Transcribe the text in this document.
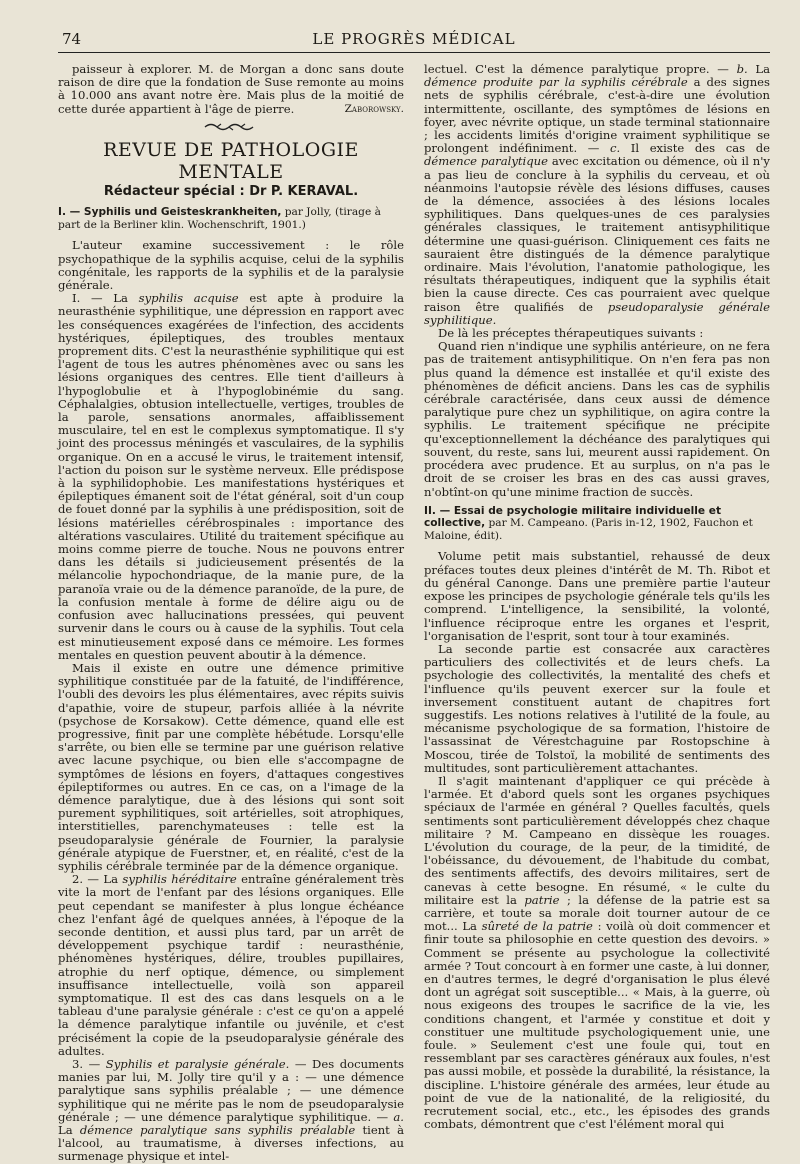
74	LE PROGRÈS MÉDICAL

paisseur à explorer. M. de Morgan a donc sans doute raison de dire que la fondation de Suse remonte au moins à 10.000 ans avant notre ère. Mais plus de la moitié de cette durée appartient à l'âge de pierre.	Zaborowsky.

REVUE DE PATHOLOGIE MENTALE
Rédacteur spécial : Dr P. KERAVAL.
I. — Syphilis und Geisteskrankheiten, par Jolly, (tirage à part de la Berliner klin. Wochenschrift, 1901.)

L'auteur examine successivement : le rôle psychopathique de la syphilis acquise, celui de la syphilis congénitale, les rapports de la syphilis et de la paralysie générale.

I. — La syphilis acquise est apte à produire la neurasthénie syphilitique, une dépression en rapport avec les conséquences exagérées de l'infection, des accidents hystériques, épileptiques, des troubles mentaux proprement dits. C'est la neurasthénie syphilitique qui est l'agent de tous les autres phénomènes avec ou sans les lésions organiques des centres. Elle tient d'ailleurs à l'hypoglobulie et à l'hypoglobinémie du sang. Céphalalgies, obtusion intellectuelle, vertiges, troubles de la parole, sensations anormales, affaiblissement musculaire, tel en est le complexus symptomatique. Il s'y joint des processus méningés et vasculaires, de la syphilis organique. On en a accusé le virus, le traitement intensif, l'action du poison sur le système nerveux. Elle prédispose à la syphilidophobie. Les manifestations hystériques et épileptiques émanent soit de l'état général, soit d'un coup de fouet donné par la syphilis à une prédisposition, soit de lésions matérielles cérébrospinales : importance des altérations vasculaires. Utilité du traitement spécifique au moins comme pierre de touche. Nous ne pouvons entrer dans les détails si judicieusement présentés de la mélancolie hypochondriaque, de la manie pure, de la paranoïa vraie ou de la démence paranoïde, de la pure, de la confusion mentale à forme de délire aigu ou de confusion avec hallucinations pressées, qui peuvent survenir dans le cours ou à cause de la syphilis. Tout cela est minutieusement exposé dans ce mémoire. Les formes mentales en question peuvent aboutir à la démence.

Mais il existe en outre une démence primitive syphilitique constituée par de la fatuité, de l'indifférence, l'oubli des devoirs les plus élémentaires, avec répits suivis d'apathie, voire de stupeur, parfois alliée à la névrite (psychose de Korsakow). Cette démence, quand elle est progressive, finit par une complète hébétude. Lorsqu'elle s'arrête, ou bien elle se termine par une guérison relative avec lacune psychique, ou bien elle s'accompagne de symptômes de lésions en foyers, d'attaques congestives épileptiformes ou autres. En ce cas, on a l'image de la démence paralytique, due à des lésions qui sont soit purement syphilitiques, soit artérielles, soit atrophiques, interstitielles, parenchymateuses : telle est la pseudoparalysie générale de Fournier, la paralysie générale atypique de Fuerstner, et, en réalité, c'est de la syphilis cérébrale terminée par de la démence organique.

2. — La syphilis héréditaire entraîne généralement très vite la mort de l'enfant par des lésions organiques. Elle peut cependant se manifester à plus longue échéance chez l'enfant âgé de quelques années, à l'époque de la seconde dentition, et aussi plus tard, par un arrêt de développement psychique tardif : neurasthénie, phénomènes hystériques, délire, troubles pupillaires, atrophie du nerf optique, démence, ou simplement insuffisance intellectuelle, voilà son appareil symptomatique. Il est des cas dans lesquels on a le tableau d'une paralysie générale : c'est ce qu'on a appelé la démence paralytique infantile ou juvénile, et c'est précisément la copie de la pseudoparalysie générale des adultes.

3. — Syphilis et paralysie générale. — Des documents manies par lui, M. Jolly tire qu'il y a : — une démence paralytique sans syphilis préalable ; — une démence syphilitique qui ne mérite pas le nom de pseudoparalysie générale ; — une démence paralytique syphilitique. — a. La démence paralytique sans syphilis préalable tient à l'alcool, au traumatisme, à diverses infections, au surmenage physique et intel-

lectuel. C'est la démence paralytique propre. — b. La démence produite par la syphilis cérébrale a des signes nets de syphilis cérébrale, c'est-à-dire une évolution intermittente, oscillante, des symptômes de lésions en foyer, avec névrite optique, un stade terminal stationnaire ; les accidents limités d'origine vraiment syphilitique se prolongent indéfiniment. — c. Il existe des cas de démence paralytique avec excitation ou démence, où il n'y a pas lieu de conclure à la syphilis du cerveau, et où néanmoins l'autopsie révèle des lésions diffuses, causes de la démence, associées à des lésions locales syphilitiques. Dans quelques-unes de ces paralysies générales classiques, le traitement antisyphilitique détermine une quasi-guérison. Cliniquement ces faits ne sauraient être distingués de la démence paralytique ordinaire. Mais l'évolution, l'anatomie pathologique, les résultats thérapeutiques, indiquent que la syphilis était bien la cause directe. Ces cas pourraient avec quelque raison être qualifiés de pseudoparalysie générale syphilitique.

De là les préceptes thérapeutiques suivants :

Quand rien n'indique une syphilis antérieure, on ne fera pas de traitement antisyphilitique. On n'en fera pas non plus quand la démence est installée et qu'il existe des phénomènes de déficit anciens. Dans les cas de syphilis cérébrale caractérisée, dans ceux aussi de démence paralytique pure chez un syphilitique, on agira contre la syphilis. Le traitement spécifique ne précipite qu'exceptionnellement la déchéance des paralytiques qui souvent, du reste, sans lui, meurent aussi rapidement. On procédera avec prudence. Et au surplus, on n'a pas le droit de se croiser les bras en des cas aussi graves, n'obtînt-on qu'une minime fraction de succès.

II. — Essai de psychologie militaire individuelle et collective, par M. Campeano. (Paris in-12, 1902, Fauchon et Maloine, édit).

Volume petit mais substantiel, rehaussé de deux préfaces toutes deux pleines d'intérêt de M. Th. Ribot et du général Canonge. Dans une première partie l'auteur expose les principes de psychologie générale tels qu'ils les comprend. L'intelligence, la sensibilité, la volonté, l'influence réciproque entre les organes et l'esprit, l'organisation de l'esprit, sont tour à tour examinés.

La seconde partie est consacrée aux caractères particuliers des collectivités et de leurs chefs. La psychologie des collectivités, la mentalité des chefs et l'influence qu'ils peuvent exercer sur la foule et inversement constituent autant de chapitres fort suggestifs. Les notions relatives à l'utilité de la foule, au mécanisme psychologique de sa formation, l'histoire de l'assassinat de Vérestchaguine par Rostopschine à Moscou, tirée de Tolstoï, la mobilité de sentiments des multitudes, sont particulièrement attachantes.

Il s'agit maintenant d'appliquer ce qui précède à l'armée. Et d'abord quels sont les organes psychiques spéciaux de l'armée en général ? Quelles facultés, quels sentiments sont particulièrement développés chez chaque militaire ? M. Campeano en dissèque les rouages. L'évolution du courage, de la peur, de la timidité, de l'obéissance, du dévouement, de l'habitude du combat, des sentiments affectifs, des devoirs militaires, sert de canevas à cette besogne. En résumé, « le culte du militaire est la patrie ; la défense de la patrie est sa carrière, et toute sa morale doit tourner autour de ce mot... La sûreté de la patrie : voilà où doit commencer et finir toute sa philosophie en cette question des devoirs. » Comment se présente au psychologue la collectivité armée ? Tout concourt à en former une caste, à lui donner, en d'autres termes, le degré d'organisation le plus élevé dont un agrégat soit susceptible... « Mais, à la guerre, où nous exigeons des troupes le sacrifice de la vie, les conditions changent, et l'armée y constitue et doit y constituer une multitude psychologiquement unie, une foule. » Seulement c'est une foule qui, tout en ressemblant par ses caractères généraux aux foules, n'est pas aussi mobile, et possède la durabilité, la résistance, la discipline. L'histoire générale des armées, leur étude au point de vue de la nationalité, de la religiosité, du recrutement social, etc., etc., les épisodes des grands combats, démontrent que c'est l'élément moral qui
